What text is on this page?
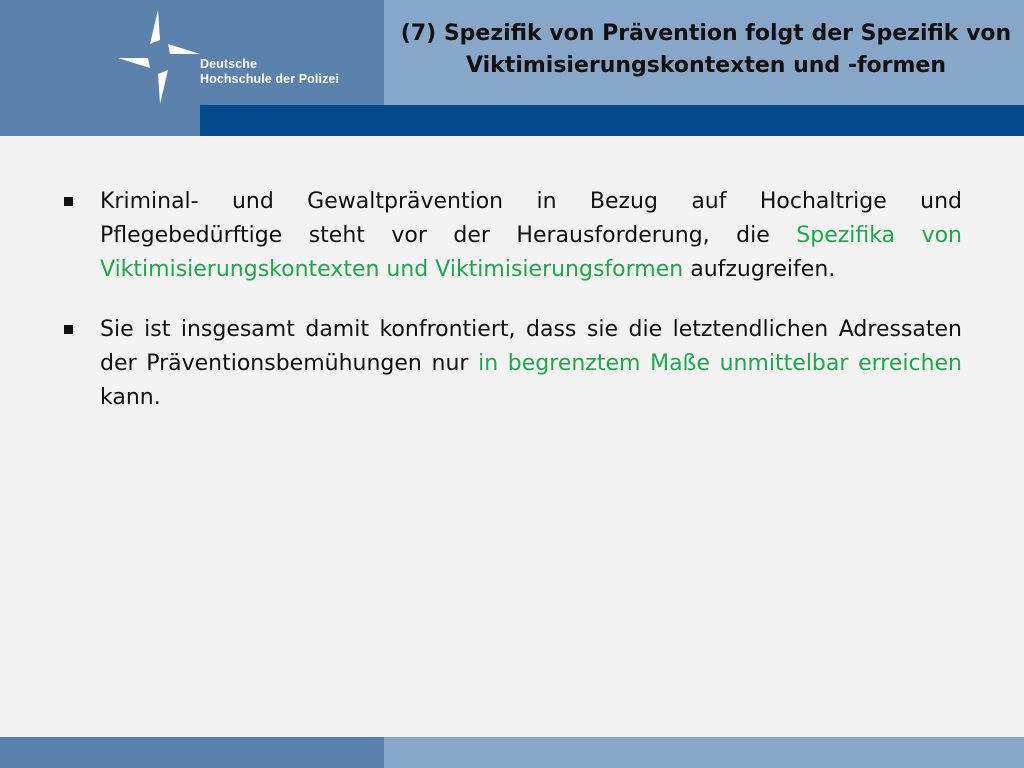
Deutsche
Hochschule der Polizei
(7) Spezifik von Prävention folgt der Spezifik von
Viktimisierungskontexten und -formen
Kriminal- und Gewaltprävention in Bezug auf Hochaltrige und Pflegebedürftige steht vor der Herausforderung, die Spezifika von Viktimisierungskontexten und Viktimisierungsformen aufzugreifen.
Sie ist insgesamt damit konfrontiert, dass sie die letztendlichen Adressaten der Präventionsbemühungen nur in begrenztem Maße unmittelbar erreichen kann.
